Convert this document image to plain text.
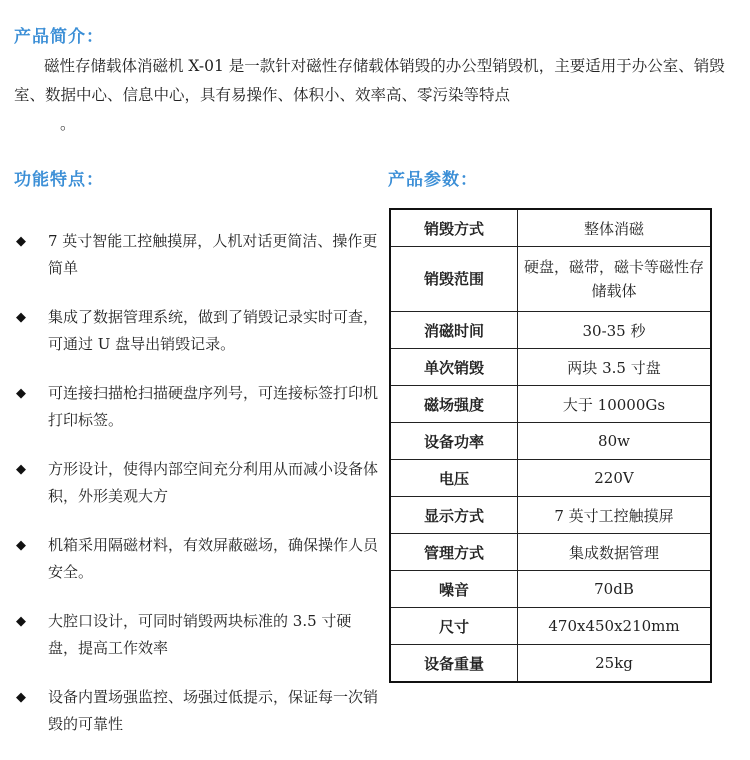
产品简介：
磁性存储载体消磁机 X-01 是一款针对磁性存储载体销毁的办公型销毁机，主要适用于办公室、销毁室、数据中心、信息中心，具有易操作、体积小、效率高、零污染等特点
。
功能特点：
◆ 7 英寸智能工控触摸屏，人机对话更简洁、操作更简单
◆ 集成了数据管理系统，做到了销毁记录实时可查，可通过 U 盘导出销毁记录。
◆ 可连接扫描枪扫描硬盘序列号，可连接标签打印机打印标签。
◆ 方形设计，使得内部空间充分利用从而减小设备体积，外形美观大方
◆ 机箱采用隔磁材料，有效屏蔽磁场，确保操作人员安全。
◆ 大腔口设计，可同时销毁两块标准的 3.5 寸硬盘，提高工作效率
◆ 设备内置场强监控、场强过低提示，保证每一次销毁的可靠性
产品参数：
销毁方式	整体消磁
销毁范围	硬盘，磁带，磁卡等磁性存储载体
消磁时间	30-35 秒
单次销毁	两块 3.5 寸盘
磁场强度	大于 10000Gs
设备功率	80w
电压	220V
显示方式	7 英寸工控触摸屏
管理方式	集成数据管理
噪音	70dB
尺寸	470x450x210mm
设备重量	25kg
